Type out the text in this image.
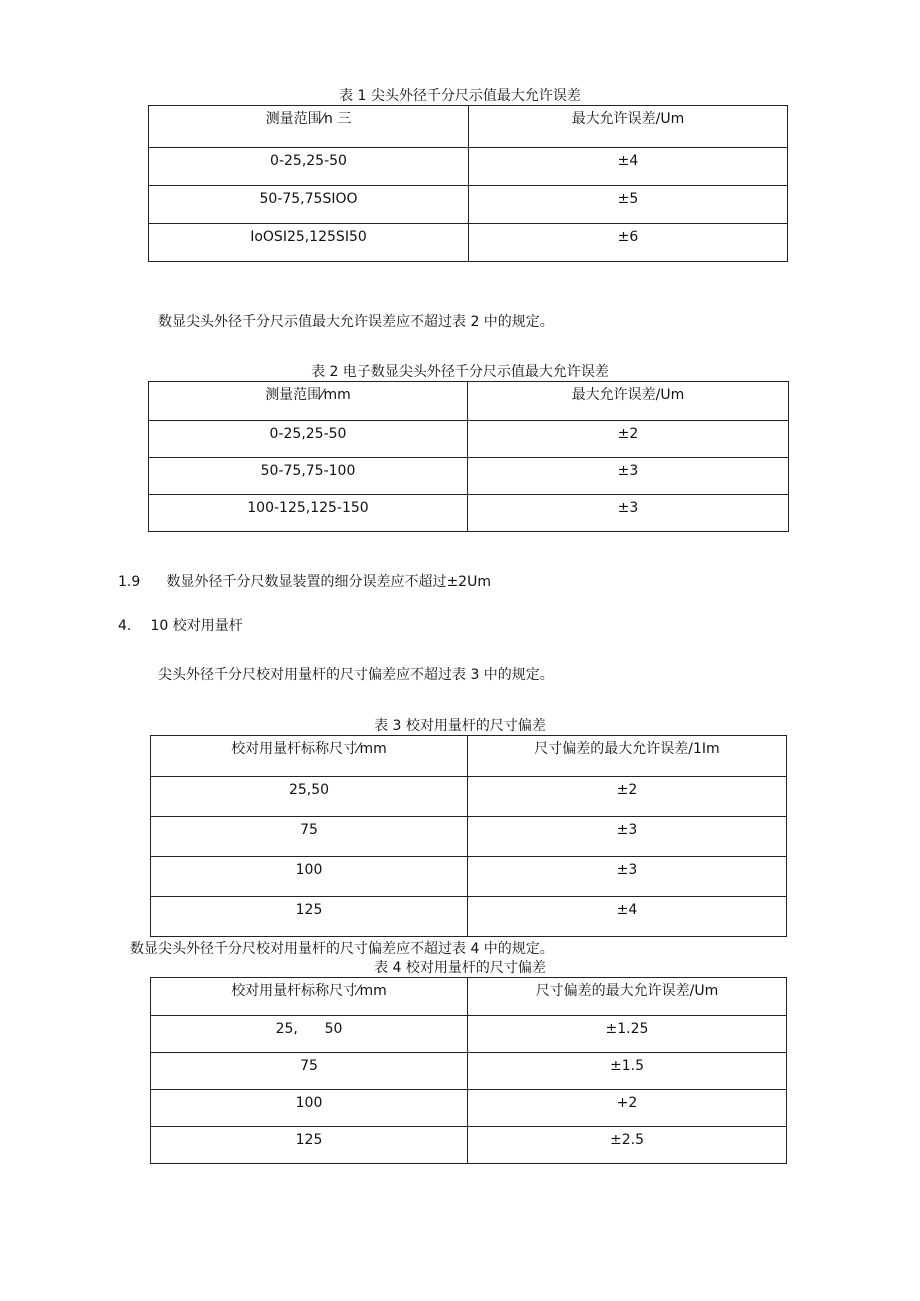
表 1 尖头外径千分尺示值最大允许误差
测量范围⁄n 三	最大允许误差/Um
0-25,25-50	±4
50-75,75SIOO	±5
IoOSI25,125SI50	±6
数显尖头外径千分尺示值最大允许误差应不超过表 2 中的规定。
表 2 电子数显尖头外径千分尺示值最大允许误差
测量范围⁄mm	最大允许误差/Um
0-25,25-50	±2
50-75,75-100	±3
100-125,125-150	±3
1.9 数显外径千分尺数显装置的细分误差应不超过±2Um
4. 10 校对用量杆
尖头外径千分尺校对用量杆的尺寸偏差应不超过表 3 中的规定。
表 3 校对用量杆的尺寸偏差
校对用量杆标称尺寸⁄mm	尺寸偏差的最大允许误差/1Im
25,50	±2
75	±3
100	±3
125	±4
数显尖头外径千分尺校对用量杆的尺寸偏差应不超过表 4 中的规定。
表 4 校对用量杆的尺寸偏差
校对用量杆标称尺寸⁄mm	尺寸偏差的最大允许误差/Um
25,      50	±1.25
75	±1.5
100	+2
125	±2.5
